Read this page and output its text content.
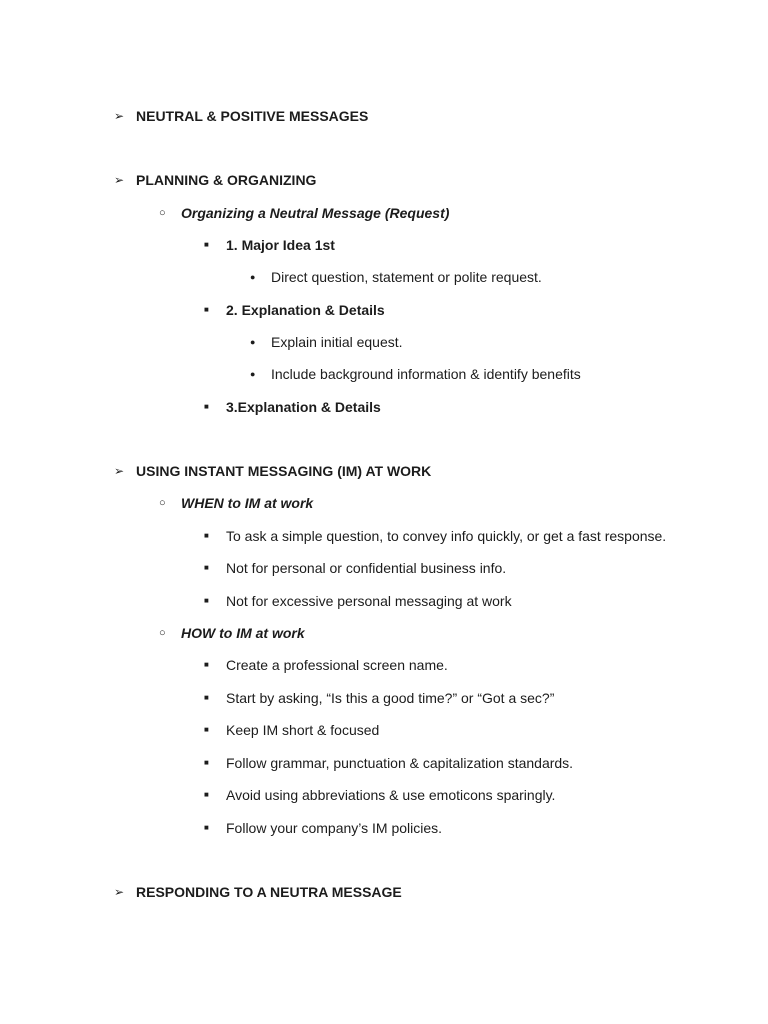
➢ NEUTRAL & POSITIVE MESSAGES
➢ PLANNING & ORGANIZING
○	Organizing a Neutral Message (Request)
■	1. Major Idea 1st
●	Direct question, statement or polite request.
■	2. Explanation & Details
●	Explain initial equest.
●	Include background information & identify benefits
■	3.Explanation & Details
➢ USING INSTANT MESSAGING (IM) AT WORK
○	WHEN to IM at work
■	To ask a simple question, to convey info quickly, or get a fast response.
■	Not for personal or confidential business info.
■	Not for excessive personal messaging at work
○	HOW to IM at work
■	Create a professional screen name.
■	Start by asking, “Is this a good time?” or “Got a sec?”
■	Keep IM short & focused
■	Follow grammar, punctuation & capitalization standards.
■	Avoid using abbreviations & use emoticons sparingly.
■	Follow your company’s IM policies.
➢ RESPONDING TO A NEUTRA MESSAGE
